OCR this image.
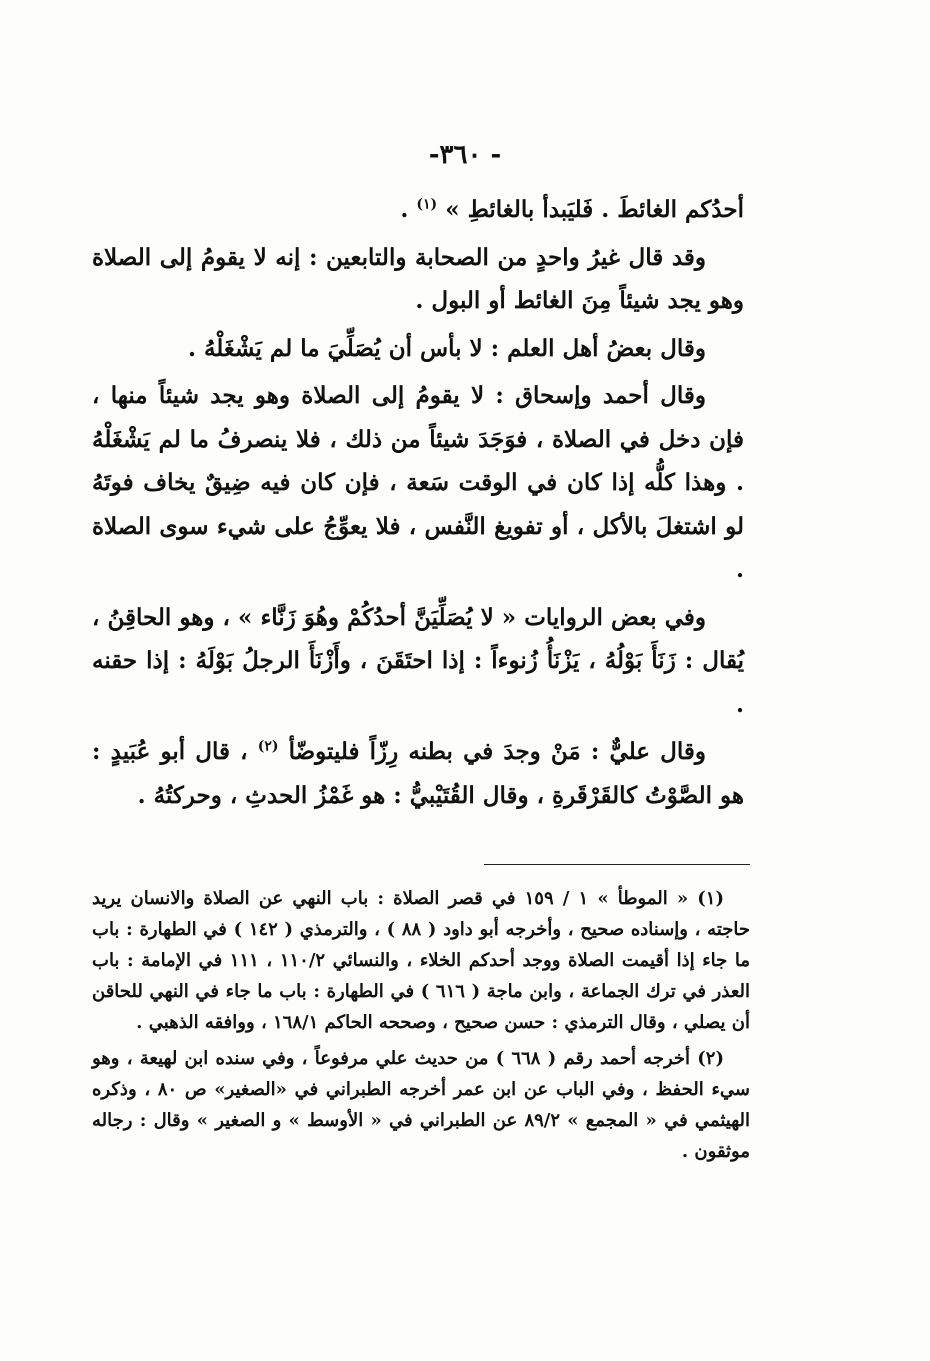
-٣٦٠ -

أحدُكم الغائطَ . فَليَبدأ بالغائطِ » $^{(١)}$ .

وقد قال غيرُ واحدٍ من الصحابة والتابعين : إنه لا يقومُ إلى الصلاة وهو يجد شيئاً مِنَ الغائط أو البول .

وقال بعضُ أهل العلم : لا بأس أن يُصَلِّيَ ما لم يَشْغَلْهُ .

وقال أحمد وإسحاق : لا يقومُ إلى الصلاة وهو يجد شيئاً منها ، فإن دخل في الصلاة ، فوَجَدَ شيئاً من ذلك ، فلا ينصرفُ ما لم يَشْغَلْهُ . وهذا كلُّه إذا كان في الوقت سَعة ، فإن كان فيه ضِيقٌ يخاف فوتَهُ لو اشتغلَ بالأكل ، أو تفويغ النَّفس ، فلا يعوِّجُ على شيء سوى الصلاة .

وفي بعض الروايات « لا يُصَلِّيَنَّ أحدُكُمْ وهُوَ زَنَّاء » ، وهو الحاقِنُ ، يُقال : زَنَأَ بَوْلُهُ ، يَزْنَأُ زُنوءاً : إذا احتَقَنَ ، وأَزْنَأَ الرجلُ بَوْلَهُ : إذا حقنه .

وقال عليٌّ : مَنْ وجدَ في بطنه رِزّاً فليتوضّأ $^{(٢)}$ ، قال أبو عُبَيدٍ : هو الصَّوْتُ كالقَرْقَرةِ ، وقال القُتَيْبيُّ : هو غَمْزُ الحدثِ ، وحركتُهُ .

(١) « الموطأ » ١ / ١٥٩ في قصر الصلاة : باب النهي عن الصلاة والانسان يريد حاجته ، وإسناده صحيح ، وأخرجه أبو داود ( ٨٨ ) ، والترمذي ( ١٤٢ ) في الطهارة : باب ما جاء إذا أقيمت الصلاة ووجد أحدكم الخلاء ، والنسائي ١١٠/٢ ، ١١١ في الإمامة : باب العذر في ترك الجماعة ، وابن ماجة ( ٦١٦ ) في الطهارة : باب ما جاء في النهي للحاقن أن يصلي ، وقال الترمذي : حسن صحيح ، وصححه الحاكم ١٦٨/١ ، ووافقه الذهبي .

(٢) أخرجه أحمد رقم ( ٦٦٨ ) من حديث علي مرفوعاً ، وفي سنده ابن لهيعة ، وهو سيء الحفظ ، وفي الباب عن ابن عمر أخرجه الطبراني في «الصغير» ص ٨٠ ، وذكره الهيثمي في « المجمع » ٨٩/٢ عن الطبراني في « الأوسط » و الصغير » وقال : رجاله موثقون .
